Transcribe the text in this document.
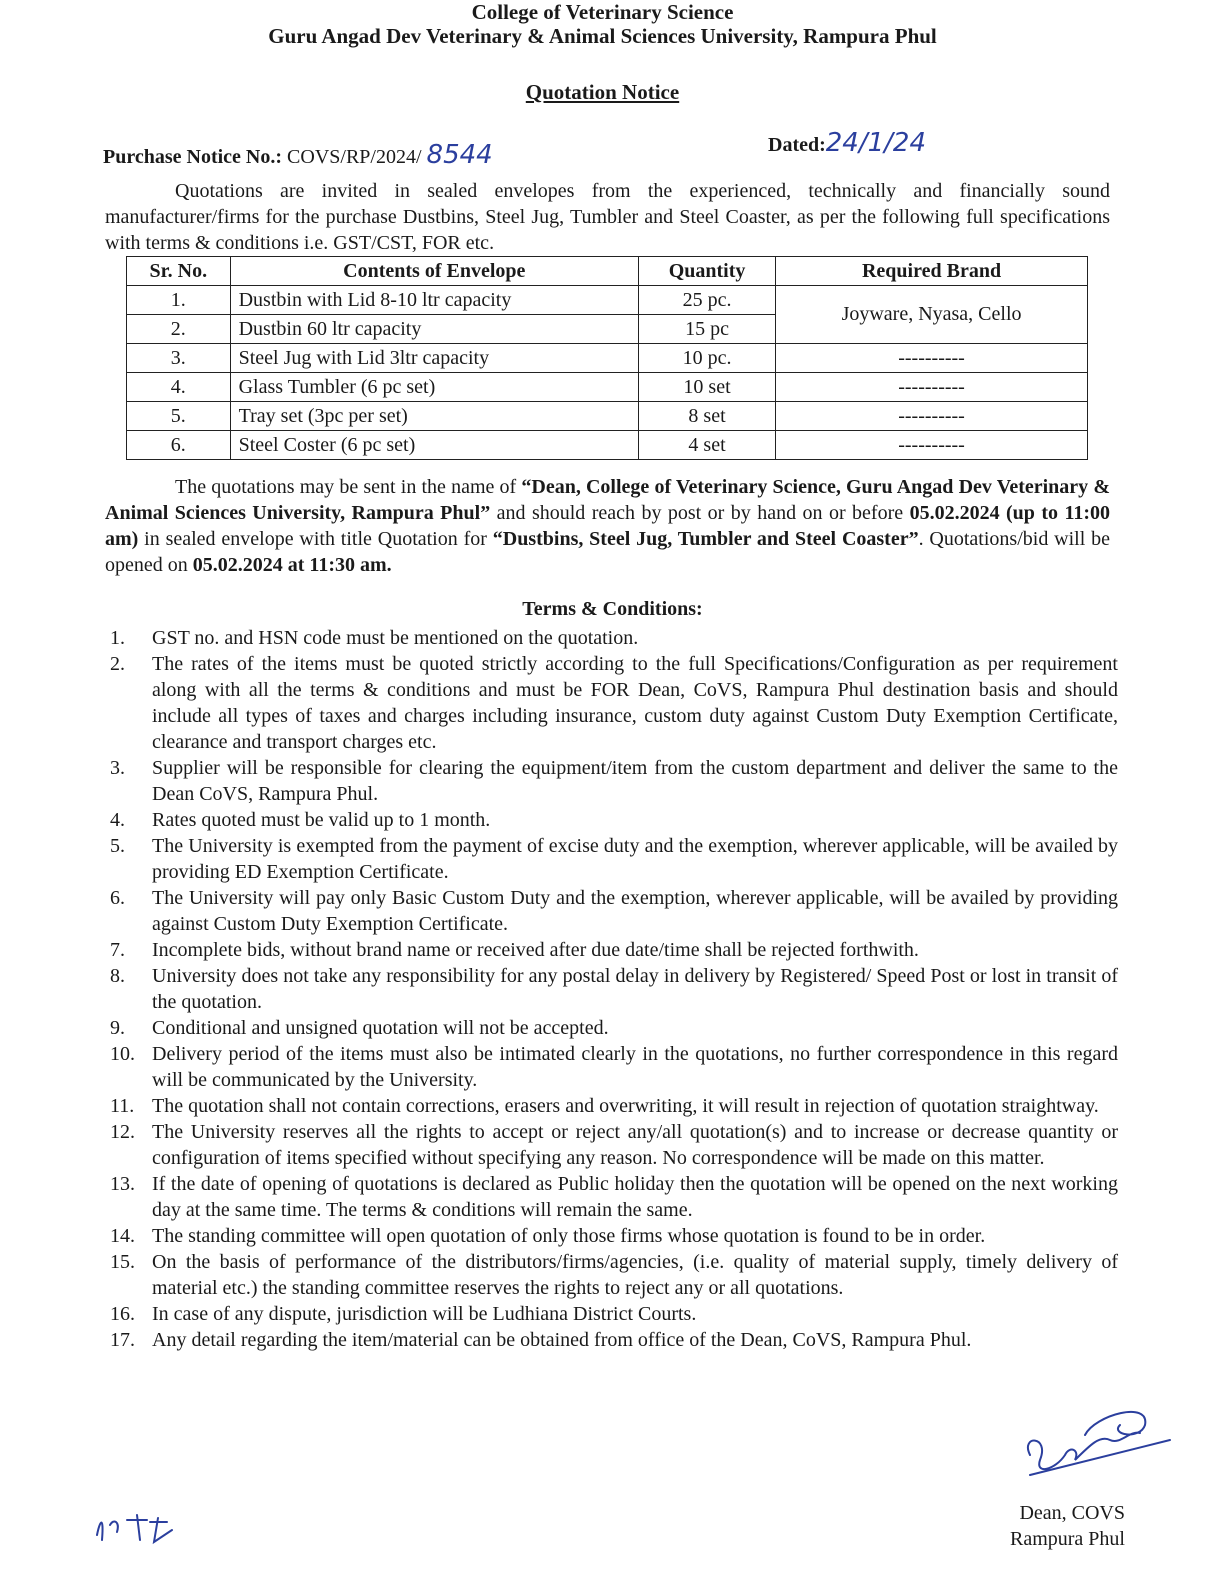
College of Veterinary Science
Guru Angad Dev Veterinary & Animal Sciences University, Rampura Phul
Quotation Notice
Purchase Notice No.: COVS/RP/2024/ 8544	Dated:24/1/24
Quotations are invited in sealed envelopes from the experienced, technically and financially sound manufacturer/firms for the purchase Dustbins, Steel Jug, Tumbler and Steel Coaster, as per the following full specifications with terms & conditions i.e. GST/CST, FOR etc.
Sr. No.	Contents of Envelope	Quantity	Required Brand
1.	Dustbin with Lid 8-10 ltr capacity	25 pc.	Joyware, Nyasa, Cello
2.	Dustbin 60 ltr capacity	15 pc	
3.	Steel Jug with Lid 3ltr capacity	10 pc.	----------
4.	Glass Tumbler (6 pc set)	10 set	----------
5.	Tray set (3pc per set)	8 set	----------
6.	Steel Coster (6 pc set)	4 set	----------
The quotations may be sent in the name of “Dean, College of Veterinary Science, Guru Angad Dev Veterinary & Animal Sciences University, Rampura Phul” and should reach by post or by hand on or before 05.02.2024 (up to 11:00 am) in sealed envelope with title Quotation for “Dustbins, Steel Jug, Tumbler and Steel Coaster”. Quotations/bid will be opened on 05.02.2024 at 11:30 am.
Terms & Conditions:
1. GST no. and HSN code must be mentioned on the quotation.
2. The rates of the items must be quoted strictly according to the full Specifications/Configuration as per requirement along with all the terms & conditions and must be FOR Dean, CoVS, Rampura Phul destination basis and should include all types of taxes and charges including insurance, custom duty against Custom Duty Exemption Certificate, clearance and transport charges etc.
3. Supplier will be responsible for clearing the equipment/item from the custom department and deliver the same to the Dean CoVS, Rampura Phul.
4. Rates quoted must be valid up to 1 month.
5. The University is exempted from the payment of excise duty and the exemption, wherever applicable, will be availed by providing ED Exemption Certificate.
6. The University will pay only Basic Custom Duty and the exemption, wherever applicable, will be availed by providing against Custom Duty Exemption Certificate.
7. Incomplete bids, without brand name or received after due date/time shall be rejected forthwith.
8. University does not take any responsibility for any postal delay in delivery by Registered/ Speed Post or lost in transit of the quotation.
9. Conditional and unsigned quotation will not be accepted.
10. Delivery period of the items must also be intimated clearly in the quotations, no further correspondence in this regard will be communicated by the University.
11. The quotation shall not contain corrections, erasers and overwriting, it will result in rejection of quotation straightway.
12. The University reserves all the rights to accept or reject any/all quotation(s) and to increase or decrease quantity or configuration of items specified without specifying any reason. No correspondence will be made on this matter.
13. If the date of opening of quotations is declared as Public holiday then the quotation will be opened on the next working day at the same time. The terms & conditions will remain the same.
14. The standing committee will open quotation of only those firms whose quotation is found to be in order.
15. On the basis of performance of the distributors/firms/agencies, (i.e. quality of material supply, timely delivery of material etc.) the standing committee reserves the rights to reject any or all quotations.
16. In case of any dispute, jurisdiction will be Ludhiana District Courts.
17. Any detail regarding the item/material can be obtained from office of the Dean, CoVS, Rampura Phul.
Dean, COVS
Rampura Phul
